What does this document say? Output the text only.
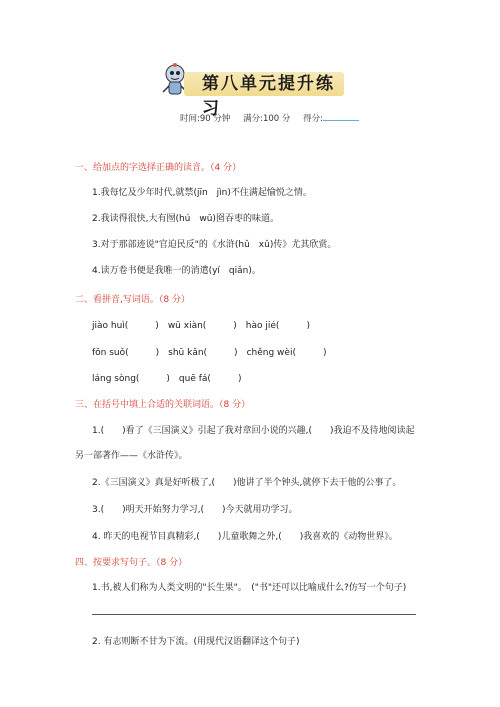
第八单元提升练习
时间:90 分钟 满分:100 分 得分:
一、给加点的字选择正确的读音。（4 分）
1.我每忆及少年时代,就禁(jīn　jìn)不住满起愉悦之情。
2.我读得很快,大有囫(hú　wū)囵吞枣的味道。
3.对于那部迹说"官迫民反"的《水浒(hǔ　xǔ)传》尤其欣赏。
4.读万卷书便是我唯一的消遣(yí　qiǎn)。
二、看拼音,写词语。（8 分）
jiào huì(　　　)　wū xiàn(　　　)　hào jié(　　　)
fǒn suǒ(　　　)　shū kǎn(　　　)　chěng wèi(　　　)
láng sòng(　　　)　quē fá(　　　)
三、在括号中填上合适的关联词语。（8 分）
1.(　　)看了《三国演义》引起了我对章回小说的兴趣,(　　)我迫不及待地阅读起
另一部著作——《水浒传》。
2.《三国演义》真是好听极了,(　　)他讲了半个钟头,就停下去干他的公事了。
3.(　　)明天开始努力学习,(　　)今天就用功学习。
4. 昨天的电视节目真精彩,(　　)儿童歌舞之外,(　　)我喜欢的《动物世界》。
四、按要求写句子。（8 分）
1.书,被人们称为人类文明的"长生果"。　("书"还可以比喻成什么?仿写一个句子)
2. 有志则断不甘为下流。(用现代汉语翻译这个句子)
